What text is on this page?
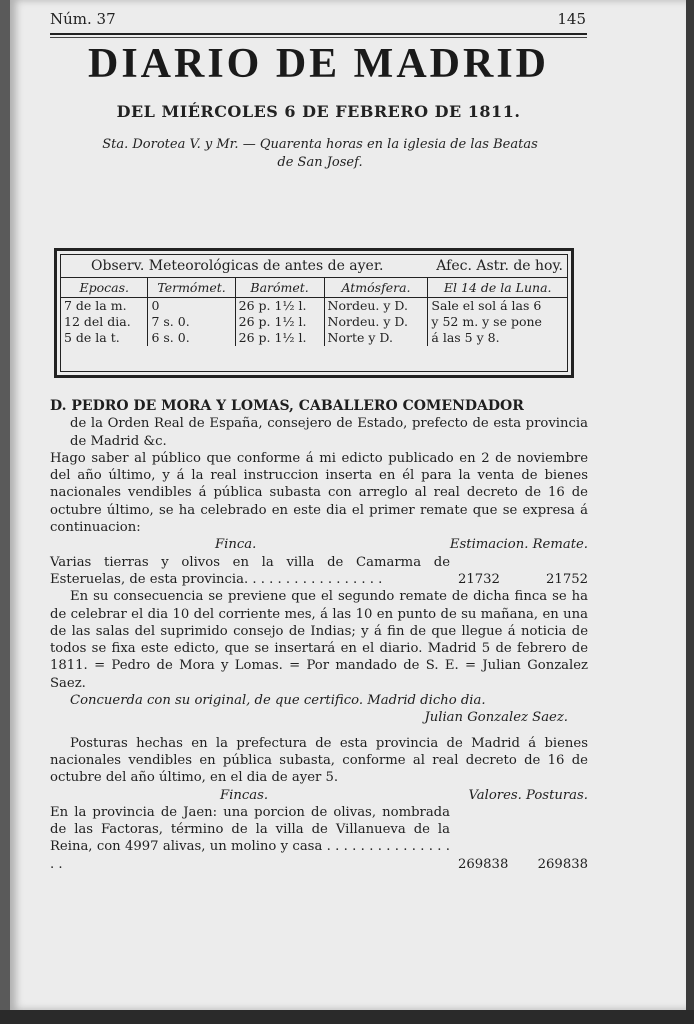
Núm. 37	145
DIARIO DE MADRID
DEL MIÉRCOLES 6 DE FEBRERO DE 1811.
Sta. Dorotea V. y Mr. — Quarenta horas en la iglesia de las Beatas
de San Josef.
Observ. Meteorológicas de antes de ayer.	Afec. Astr. de hoy.
Epocas.	Termómet.	Barómet.	Atmósfera.	El 14 de la Luna.
7 de la m.	0	26 p. 1½ l.	Nordeu. y D.	Sale el sol á las 6
12 del dia.	7 s. 0.	26 p. 1½ l.	Nordeu. y D.	y 52 m. y se pone
5 de la t.	6 s. 0.	26 p. 1½ l.	Norte y D.	á las 5 y 8.

D. PEDRO DE MORA Y LOMAS, CABALLERO COMENDADOR

de la Orden Real de España, consejero de Estado, prefecto de esta provincia de Madrid &c.

Hago saber al público que conforme á mi edicto publicado en 2 de noviembre del año último, y á la real instruccion inserta en él para la venta de bienes nacionales vendibles á pública subasta con arreglo al real decreto de 16 de octubre último, se ha celebrado en este dia el primer remate que se expresa á continuacion:

Finca.	Estimacion. Remate.
Varias tierras y olivos en la villa de Camarma de Esteruelas, de esta provincia. . . . . . . . . . . . . . . . .	21732	21752

En su consecuencia se previene que el segundo remate de dicha finca se ha de celebrar el dia 10 del corriente mes, á las 10 en punto de su mañana, en una de las salas del suprimido consejo de Indias; y á fin de que llegue á noticia de todos se fixa este edicto, que se insertará en el diario. Madrid 5 de febrero de 1811. = Pedro de Mora y Lomas. = Por mandado de S. E. = Julian Gonzalez Saez.

Concuerda con su original, de que certifico. Madrid dicho dia.

Julian Gonzalez Saez.

Posturas hechas en la prefectura de esta provincia de Madrid á bienes nacionales vendibles en pública subasta, conforme al real decreto de 16 de octubre del año último, en el dia de ayer 5.

Fincas.	Valores. Posturas.
En la provincia de Jaen: una porcion de olivas, nombrada de las Factoras, término de la villa de Villanueva de la Reina, con 4997 alivas, un molino y casa . . . . . . . . . . . . . . . . .	269838 269838
